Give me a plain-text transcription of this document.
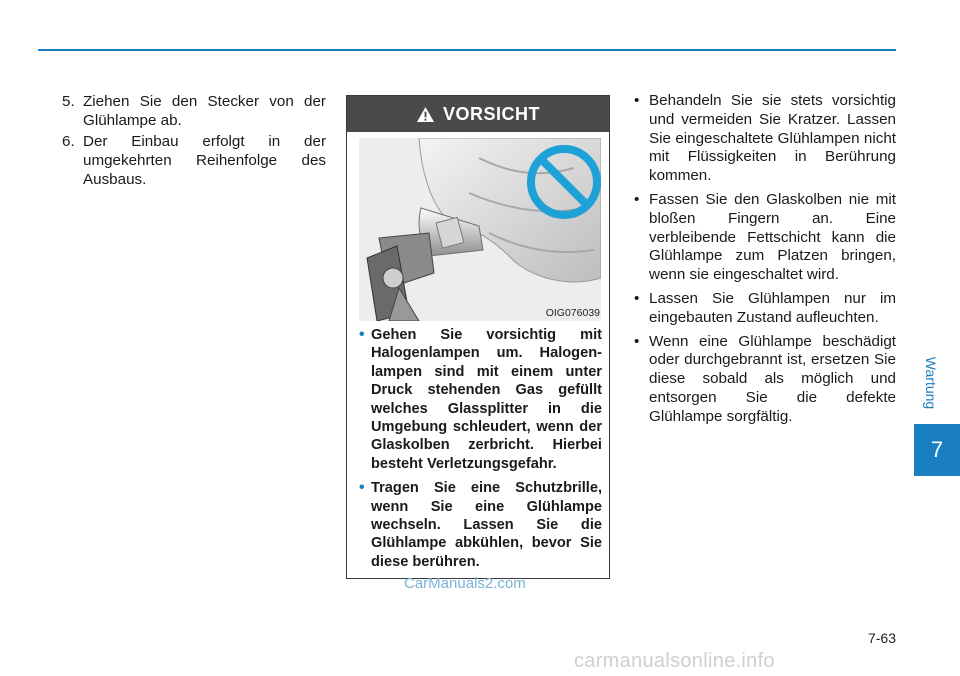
5. Ziehen Sie den Stecker von der Glühlampe ab.
6. Der Einbau erfolgt in der umgekehrten Reihenfolge des Ausbaus.
VORSICHT
OIG076039
• Gehen Sie vorsichtig mit Halogenlampen um. Halogenlampen sind mit einem unter Druck stehenden Gas gefüllt welches Glassplitter in die Umgebung schleudert, wenn der Glaskolben zerbricht. Hierbei besteht Verletzungsgefahr.
• Tragen Sie eine Schutzbrille, wenn Sie eine Glühlampe wechseln. Lassen Sie die Glühlampe abkühlen, bevor Sie diese berühren.
• Behandeln Sie sie stets vorsichtig und vermeiden Sie Kratzer. Lassen Sie eingeschaltete Glühlampen nicht mit Flüssigkeiten in Berührung kommen.
• Fassen Sie den Glaskolben nie mit bloßen Fingern an. Eine verbleibende Fettschicht kann die Glühlampe zum Platzen bringen, wenn sie eingeschaltet wird.
• Lassen Sie Glühlampen nur im eingebauten Zustand aufleuchten.
• Wenn eine Glühlampe beschädigt oder durchgebrannt ist, ersetzen Sie diese sobald als möglich und entsorgen Sie die defekte Glühlampe sorgfältig.
Wartung
7
7-63
CarManuals2.com
carmanualsonline.info
